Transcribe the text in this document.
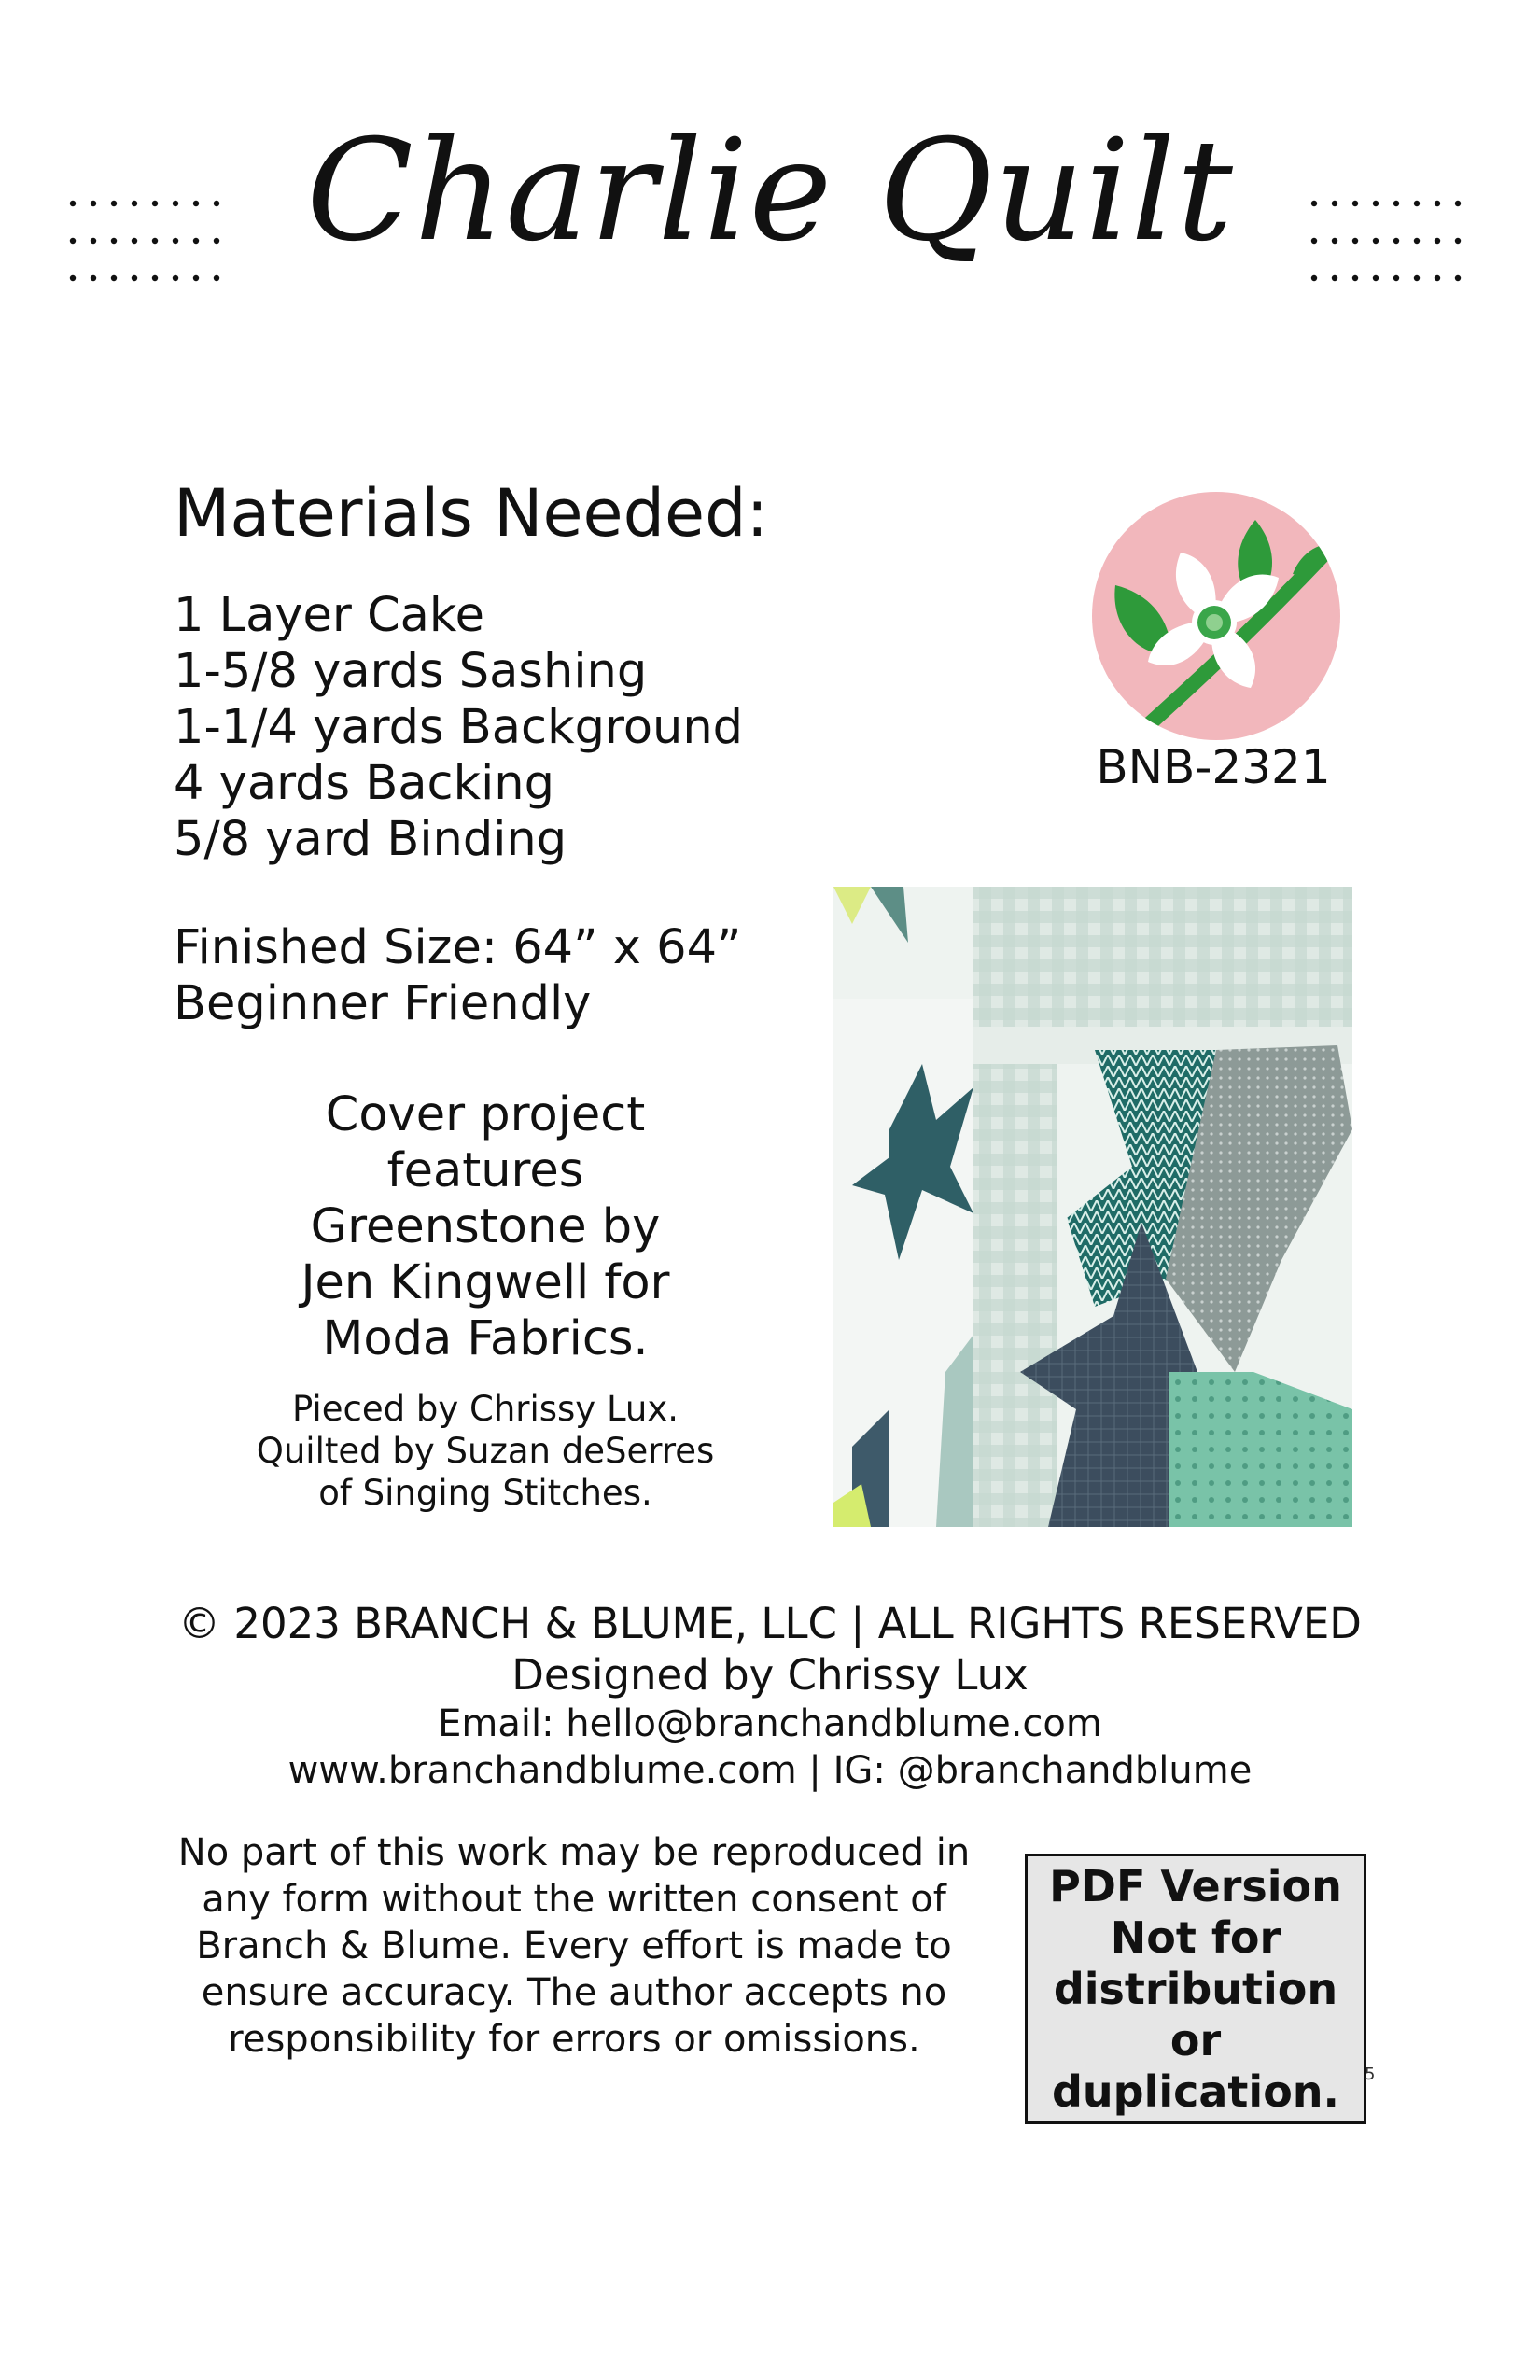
Charlie Quilt
Materials Needed:
1 Layer Cake
1-5/8 yards Sashing
1-1/4 yards Background
4 yards Backing
5/8 yard Binding
BNB-2321
Finished Size: 64” x 64”
Beginner Friendly
Cover project
features
Greenstone by
Jen Kingwell for
Moda Fabrics.
Pieced by Chrissy Lux.
Quilted by Suzan deSerres
of Singing Stitches.
© 2023 BRANCH & BLUME, LLC | ALL RIGHTS RESERVED
Designed by Chrissy Lux
Email: hello@branchandblume.com
www.branchandblume.com | IG: @branchandblume
No part of this work may be reproduced in
any form without the written consent of
Branch & Blume. Every effort is made to
ensure accuracy. The author accepts no
responsibility for errors or omissions.
PDF Version
Not for
distribution or
duplication. 5
